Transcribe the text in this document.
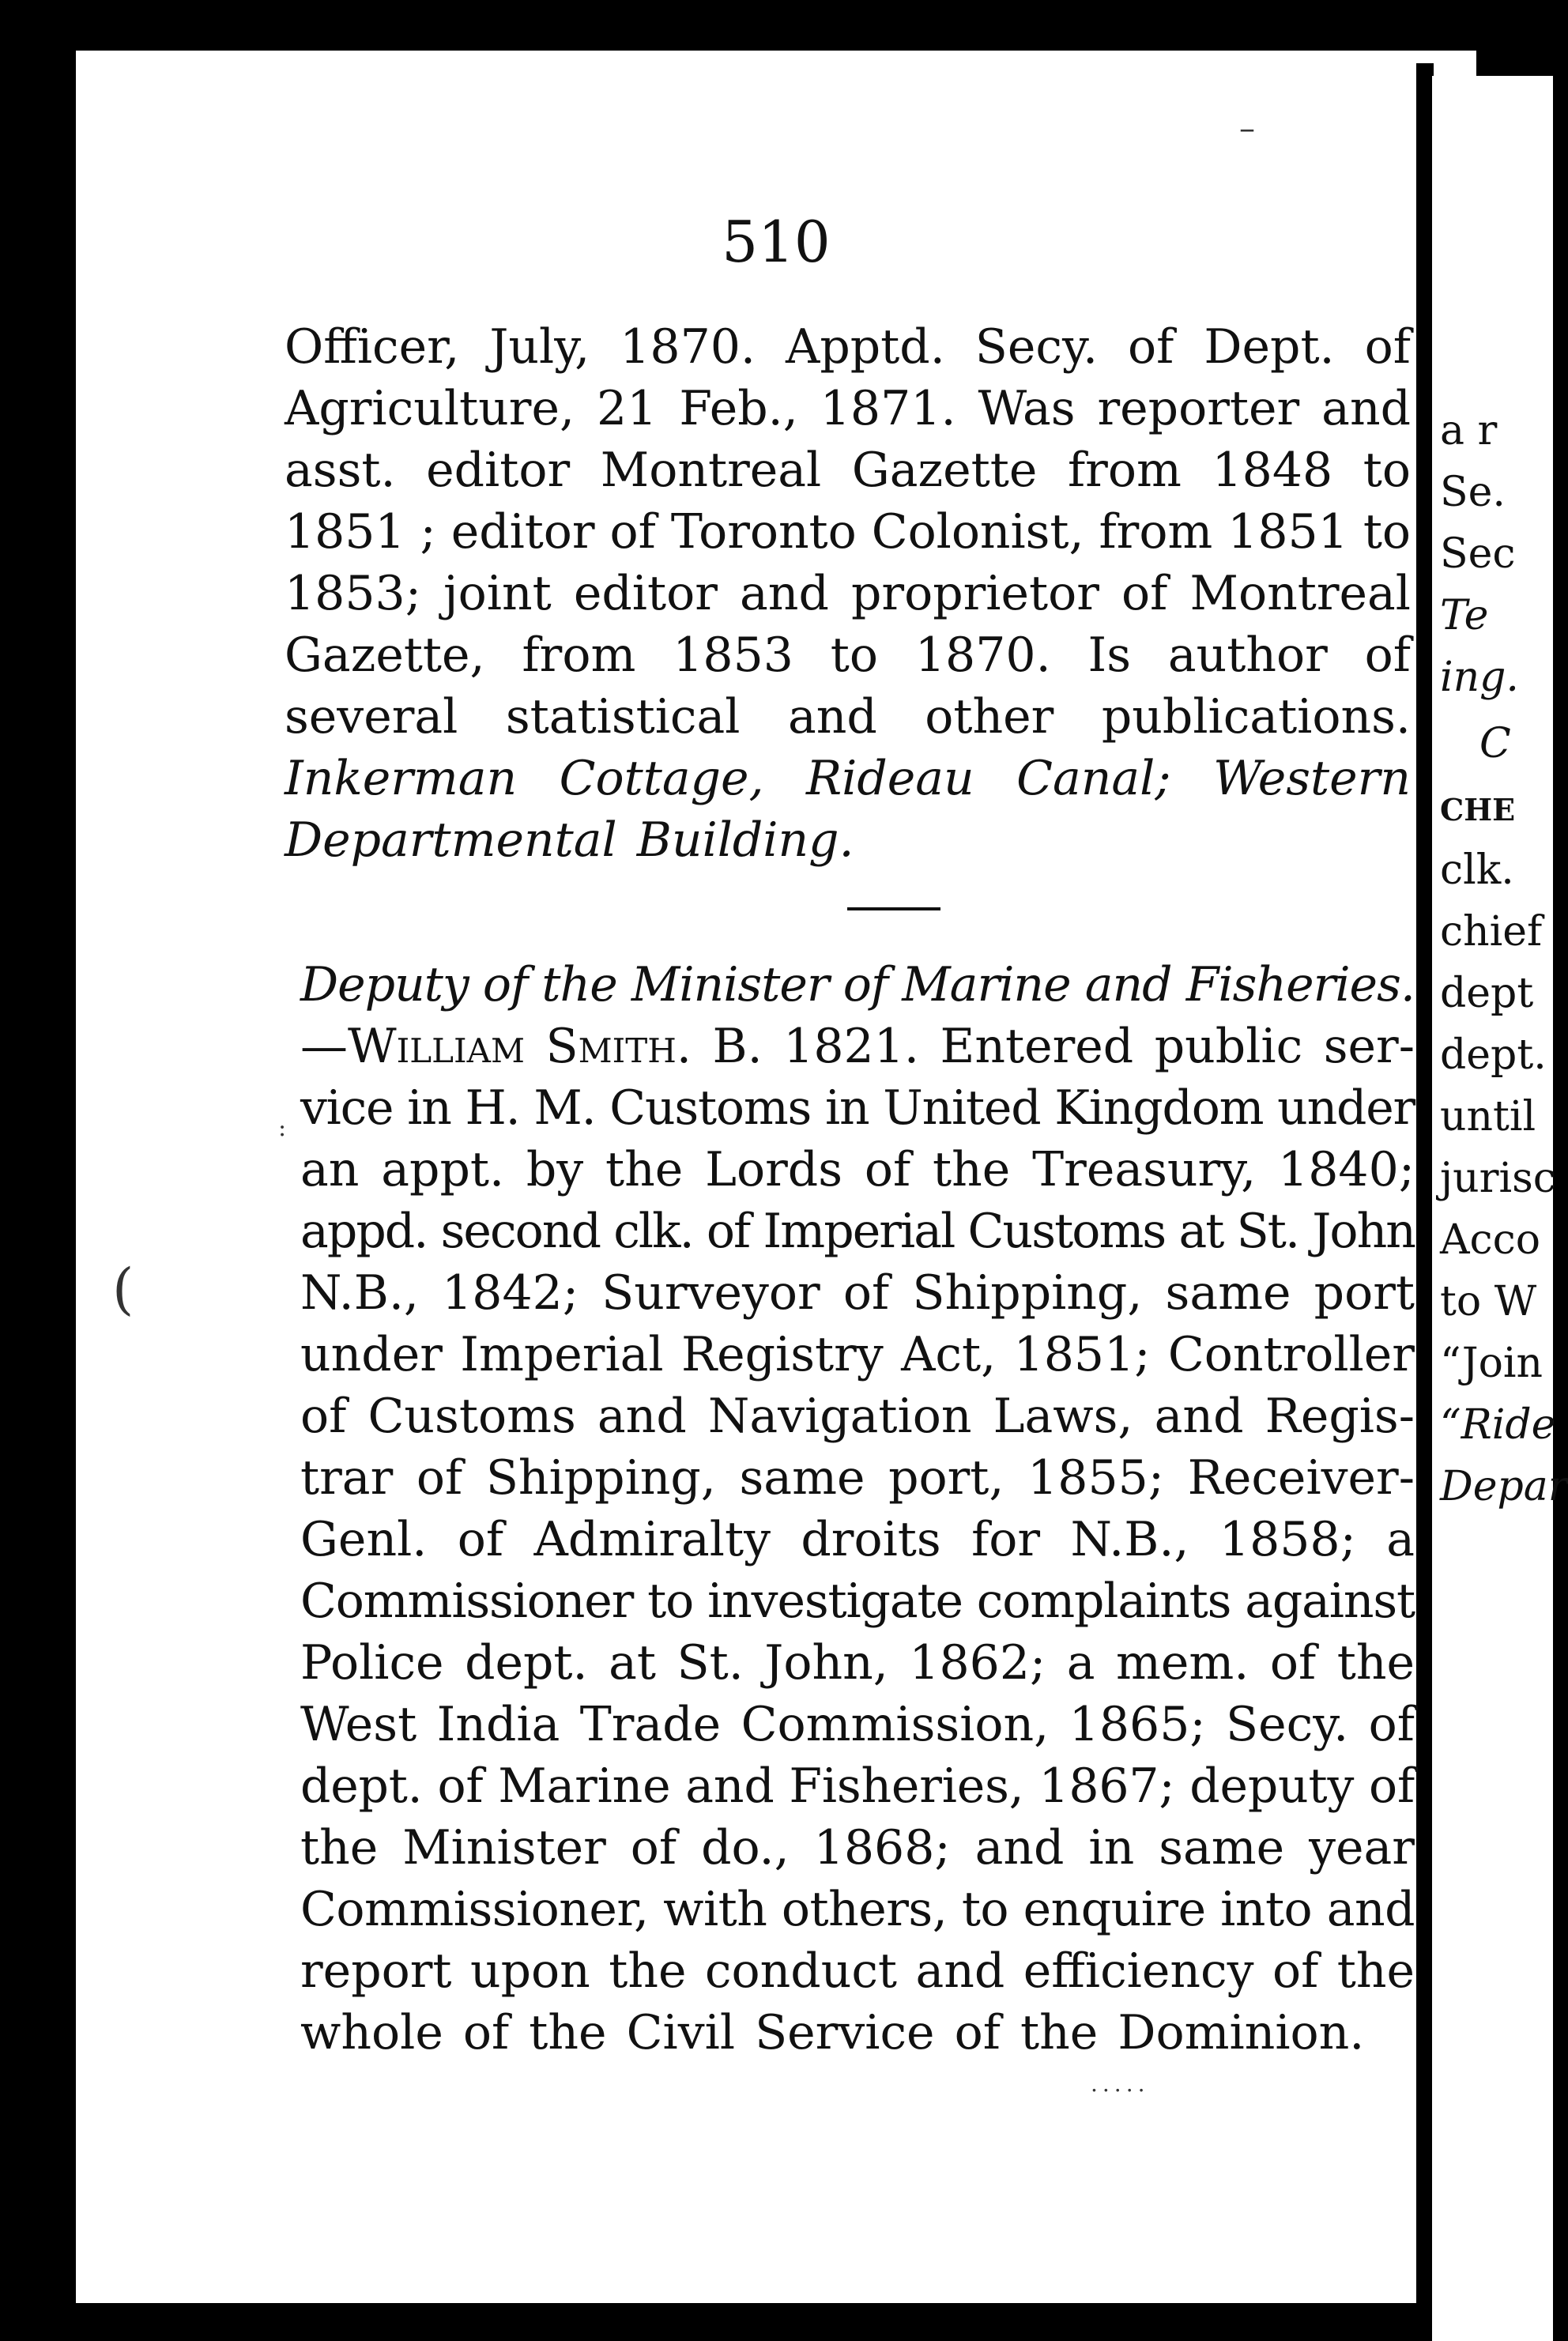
510
a r
Se.
Sec
Te
ing.
C
CHE
clk.
chief
dept
dept.
until
jurisc
Acco
to W
“Join
“Ride
Depar
Officer, July, 1870. Apptd. Secy. of Dept. of
Agriculture, 21 Feb., 1871. Was reporter and
asst. editor Montreal Gazette from 1848 to
1851 ; editor of Toronto Colonist, from 1851 to
1853; joint editor and proprietor of Montreal
Gazette, from 1853 to 1870. Is author of
several statistical and other publications.
Inkerman Cottage, Rideau Canal; Western
Departmental Building.
Deputy of the Minister of Marine and Fisheries.
—William Smith. B. 1821. Entered public ser-
vice in H. M. Customs in United Kingdom under
an appt. by the Lords of the Treasury, 1840;
appd. second clk. of Imperial Customs at St. John
N.B., 1842; Surveyor of Shipping, same port
under Imperial Registry Act, 1851; Controller
of Customs and Navigation Laws, and Regis-
trar of Shipping, same port, 1855; Receiver-
Genl. of Admiralty droits for N.B., 1858; a
Commissioner to investigate complaints against
Police dept. at St. John, 1862; a mem. of the
West India Trade Commission, 1865; Secy. of
dept. of Marine and Fisheries, 1867; deputy of
the Minister of do., 1868; and in same year
Commissioner, with others, to enquire into and
report upon the conduct and efficiency of the
whole of the Civil Service of the Dominion.
–
:
(
.....
